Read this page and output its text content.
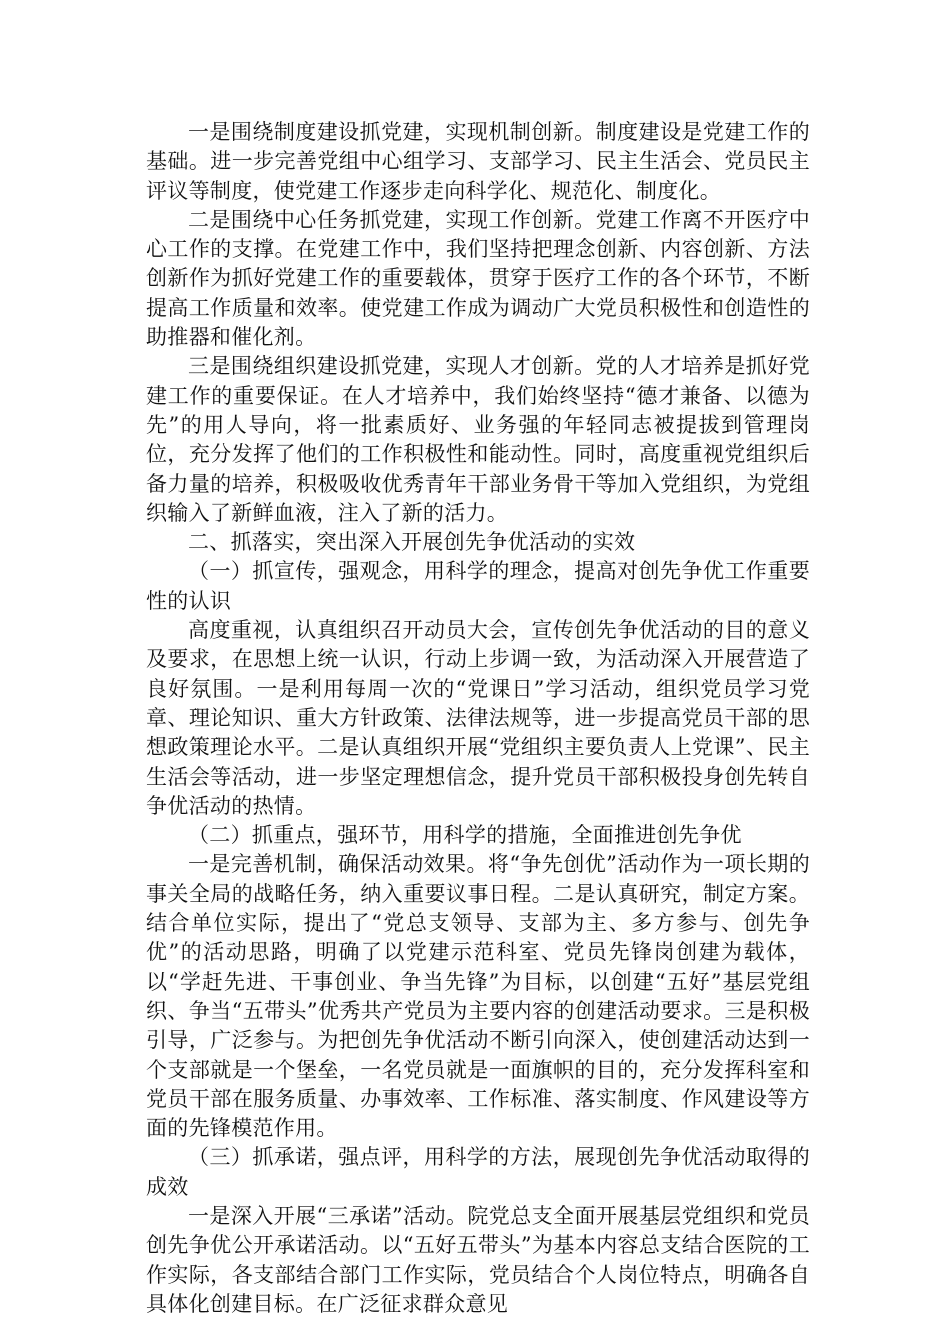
一是围绕制度建设抓党建，实现机制创新。制度建设是党建工作的基础。进一步完善党组中心组学习、支部学习、民主生活会、党员民主评议等制度，使党建工作逐步走向科学化、规范化、制度化。

二是围绕中心任务抓党建，实现工作创新。党建工作离不开医疗中心工作的支撑。在党建工作中，我们坚持把理念创新、内容创新、方法创新作为抓好党建工作的重要载体，贯穿于医疗工作的各个环节，不断提高工作质量和效率。使党建工作成为调动广大党员积极性和创造性的助推器和催化剂。

三是围绕组织建设抓党建，实现人才创新。党的人才培养是抓好党建工作的重要保证。在人才培养中，我们始终坚持“德才兼备、以德为先”的用人导向，将一批素质好、业务强的年轻同志被提拔到管理岗位，充分发挥了他们的工作积极性和能动性。同时，高度重视党组织后备力量的培养，积极吸收优秀青年干部业务骨干等加入党组织，为党组织输入了新鲜血液，注入了新的活力。

二、抓落实，突出深入开展创先争优活动的实效

（一）抓宣传，强观念，用科学的理念，提高对创先争优工作重要性的认识

高度重视，认真组织召开动员大会，宣传创先争优活动的目的意义及要求，在思想上统一认识，行动上步调一致，为活动深入开展营造了良好氛围。一是利用每周一次的“党课日”学习活动，组织党员学习党章、理论知识、重大方针政策、法律法规等，进一步提高党员干部的思想政策理论水平。二是认真组织开展“党组织主要负责人上党课”、民主生活会等活动，进一步坚定理想信念，提升党员干部积极投身创先转自争优活动的热情。

（二）抓重点，强环节，用科学的措施，全面推进创先争优

一是完善机制，确保活动效果。将“争先创优”活动作为一项长期的事关全局的战略任务，纳入重要议事日程。二是认真研究，制定方案。结合单位实际，提出了“党总支领导、支部为主、多方参与、创先争优”的活动思路，明确了以党建示范科室、党员先锋岗创建为载体，以“学赶先进、干事创业、争当先锋”为目标，以创建“五好”基层党组织、争当“五带头”优秀共产党员为主要内容的创建活动要求。三是积极引导，广泛参与。为把创先争优活动不断引向深入，使创建活动达到一个支部就是一个堡垒，一名党员就是一面旗帜的目的，充分发挥科室和党员干部在服务质量、办事效率、工作标准、落实制度、作风建设等方面的先锋模范作用。

（三）抓承诺，强点评，用科学的方法，展现创先争优活动取得的成效

一是深入开展“三承诺”活动。院党总支全面开展基层党组织和党员创先争优公开承诺活动。以“五好五带头”为基本内容总支结合医院的工作实际，各支部结合部门工作实际，党员结合个人岗位特点，明确各自具体化创建目标。在广泛征求群众意见
